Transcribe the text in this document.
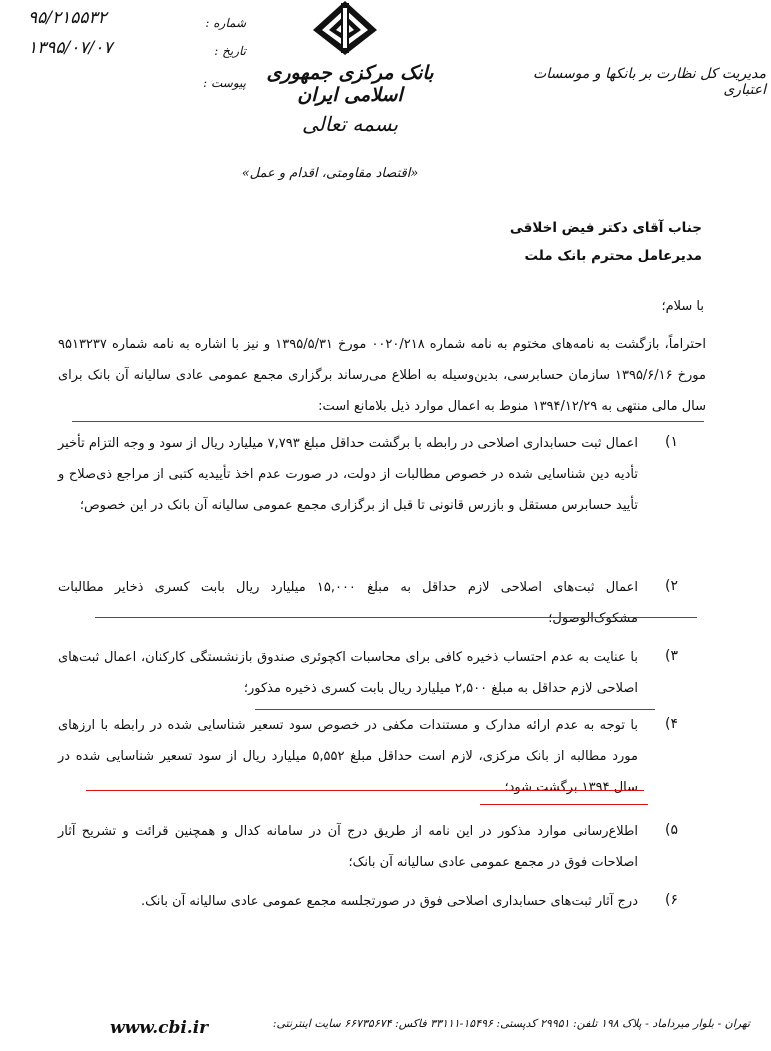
۹۵/۲۱۵۵۳۲
۱۳۹۵/۰۷/۰۷
شماره :
تاریخ :
پیوست :	بانک مرکزی جمهوری اسلامی ایران
مدیریت کل نظارت بر بانکها و موسسات اعتباری
بسمه تعالی
«اقتصاد مقاومتی، اقدام و عمل»
جناب آقای دکتر فیض اخلاقی
مدیرعامل محترم بانک ملت
با سلام؛
احتراماً، بازگشت به نامه‌های مختوم به نامه شماره ۰۰۲۰/۲۱۸ مورخ ۱۳۹۵/۵/۳۱ و نیز با اشاره به نامه شماره ۹۵۱۳۲۳۷ مورخ ۱۳۹۵/۶/۱۶ سازمان حسابرسی، بدین‌وسیله به اطلاع می‌رساند برگزاری مجمع عمومی عادی سالیانه آن بانک برای سال مالی منتهی به ۱۳۹۴/۱۲/۲۹ منوط به اعمال موارد ذیل بلامانع است:
۱)
اعمال ثبت حسابداری اصلاحی در رابطه با برگشت حداقل مبلغ ۷,۷۹۳ میلیارد ریال از سود و وجه التزام تأخیر تأدیه دین شناسایی شده در خصوص مطالبات از دولت، در صورت عدم اخذ تأییدیه کتبی از مراجع ذی‌صلاح و تأیید حسابرس مستقل و بازرس قانونی تا قبل از برگزاری مجمع عمومی سالیانه آن بانک در این خصوص؛
۲)
اعمال ثبت‌های اصلاحی لازم حداقل به مبلغ ۱۵,۰۰۰ میلیارد ریال بابت کسری ذخایر مطالبات مشکوک‌الوصول؛
۳)
با عنایت به عدم احتساب ذخیره کافی برای محاسبات اکچوئری صندوق بازنشستگی کارکنان، اعمال ثبت‌های اصلاحی لازم حداقل به مبلغ ۲,۵۰۰ میلیارد ریال بابت کسری ذخیره مذکور؛
۴)
با توجه به عدم ارائه مدارک و مستندات مکفی در خصوص سود تسعیر شناسایی شده در رابطه با ارزهای مورد مطالبه از بانک مرکزی، لازم است حداقل مبلغ ۵,۵۵۲ میلیارد ریال از سود تسعیر شناسایی شده در سال ۱۳۹۴ برگشت شود؛
۵)
اطلاع‌رسانی موارد مذکور در این نامه از طریق درج آن در سامانه کدال و همچنین قرائت و تشریح آثار اصلاحات فوق در مجمع عمومی عادی سالیانه آن بانک؛
۶)
درج آثار ثبت‌های حسابداری اصلاحی فوق در صورتجلسه مجمع عمومی عادی سالیانه آن بانک.
تهران - بلوار میرداماد - پلاک ۱۹۸ تلفن: ۲۹۹۵۱ کدپستی: ۱۵۴۹۶-۳۳۱۱۱ فاکس: ۶۶۷۳۵۶۷۴ سایت اینترنتی:
www.cbi.ir
